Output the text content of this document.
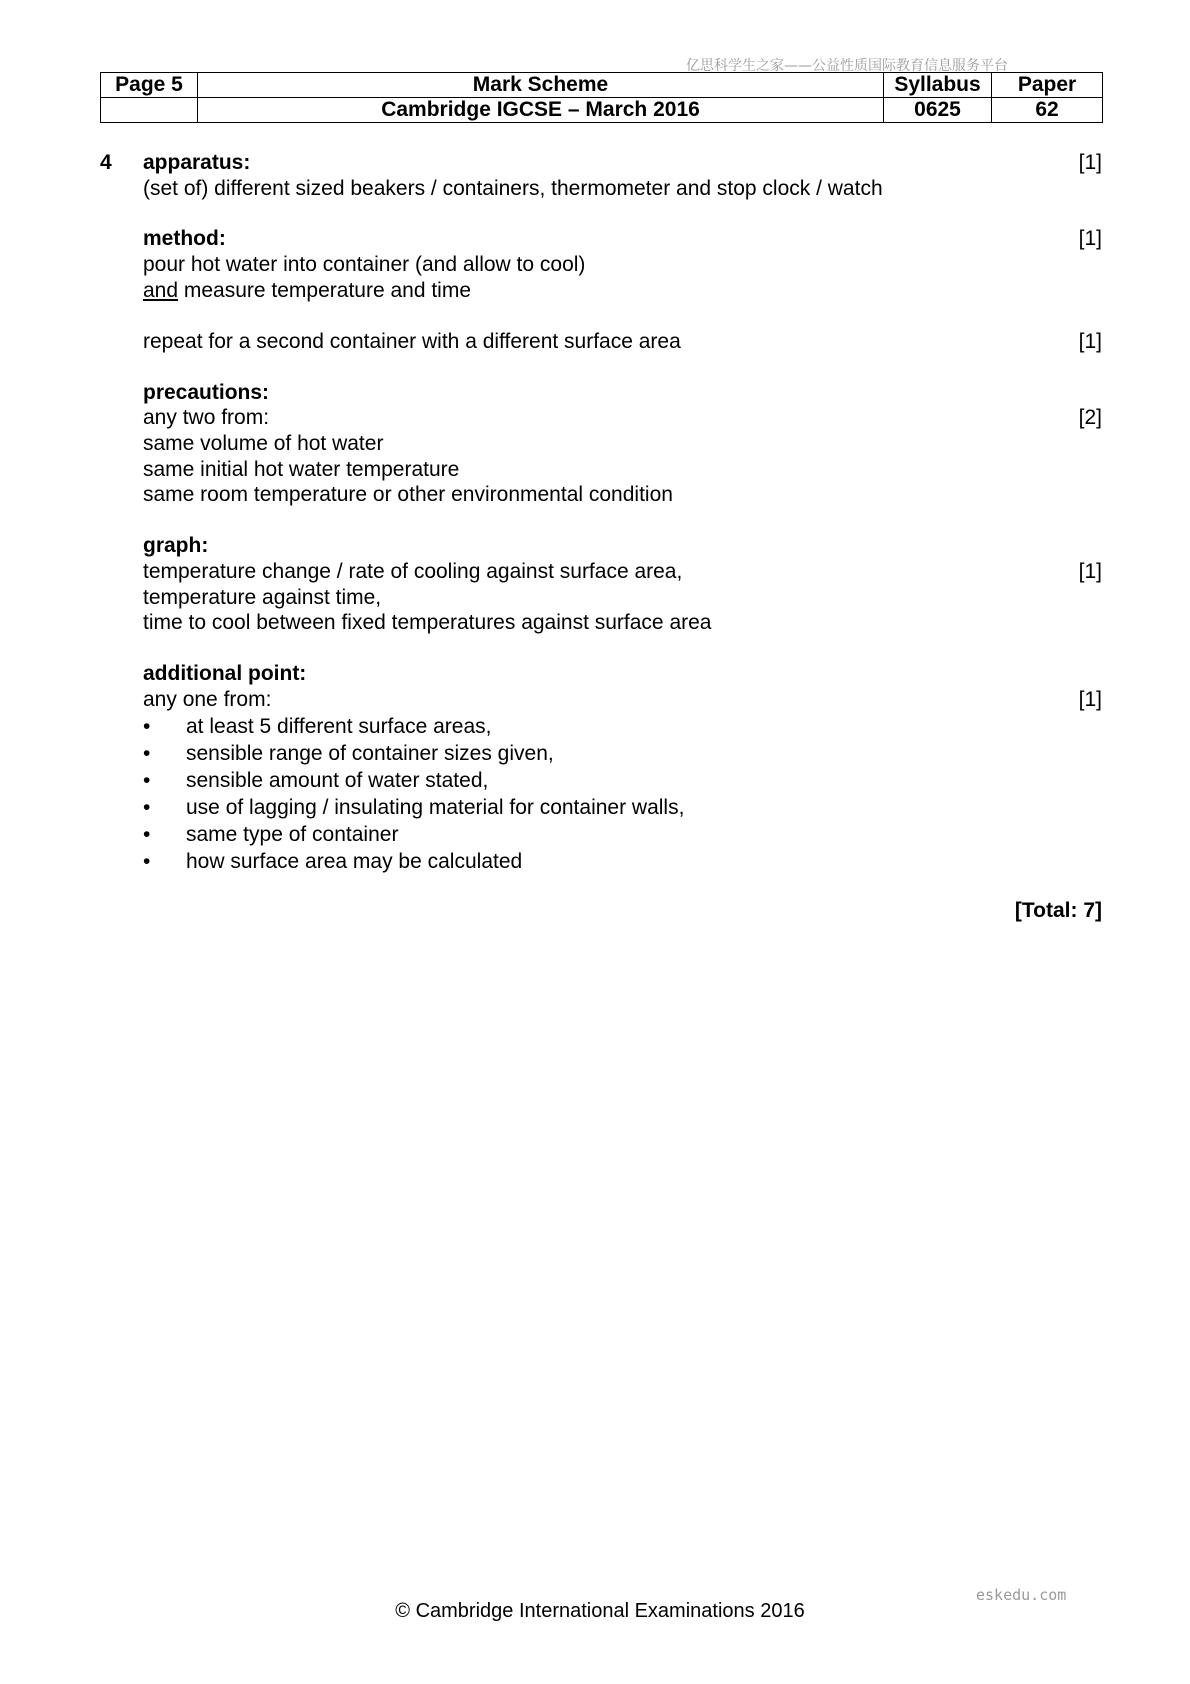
亿思科学生之家——公益性质国际教育信息服务平台
Page 5	Mark Scheme	Syllabus	Paper
	Cambridge IGCSE – March 2016	0625	62
4 apparatus:	[1]
(set of) different sized beakers / containers, thermometer and stop clock / watch
method:	[1]
pour hot water into container (and allow to cool)
and measure temperature and time
repeat for a second container with a different surface area	[1]
precautions:
any two from:	[2]
same volume of hot water
same initial hot water temperature
same room temperature or other environmental condition
graph:
temperature change / rate of cooling against surface area,	[1]
temperature against time,
time to cool between fixed temperatures against surface area
additional point:
any one from:	[1]
• at least 5 different surface areas,
• sensible range of container sizes given,
• sensible amount of water stated,
• use of lagging / insulating material for container walls,
• same type of container
• how surface area may be calculated
[Total: 7]
eskedu.com
© Cambridge International Examinations 2016
